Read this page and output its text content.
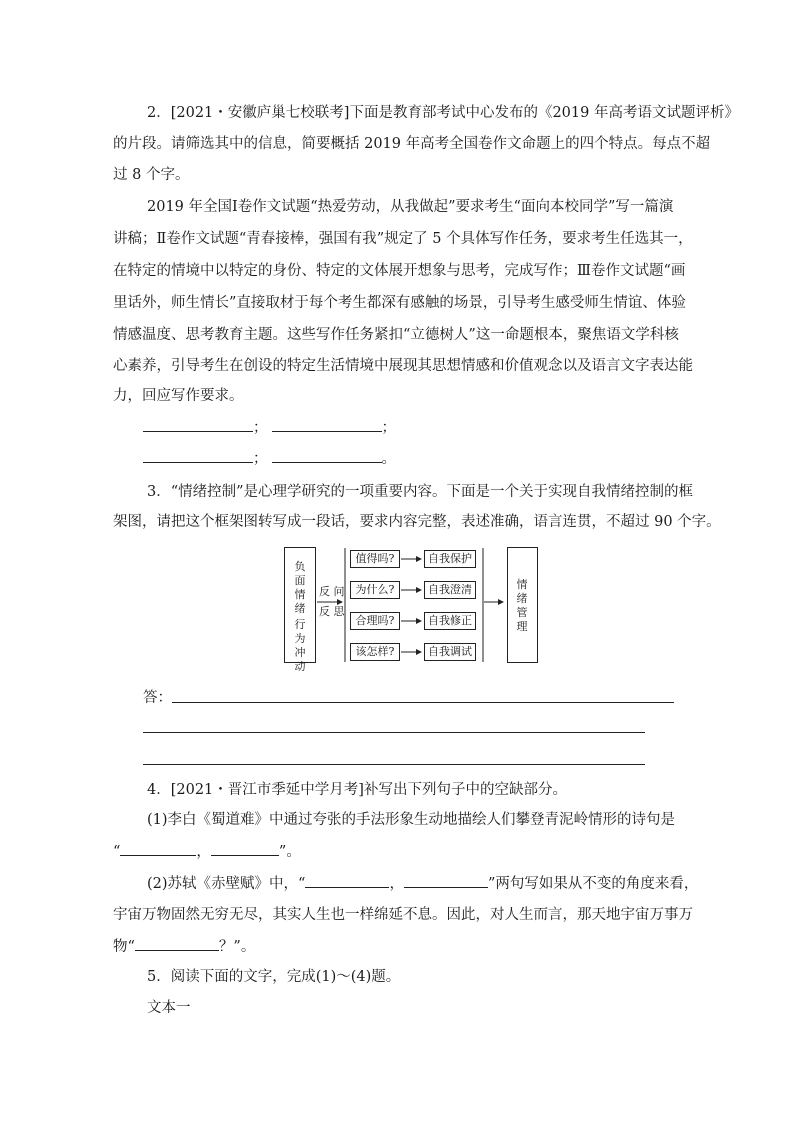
2．[2021・安徽庐巢七校联考]下面是教育部考试中心发布的《2019 年高考语文试题评析》
的片段。请筛选其中的信息，简要概括 2019 年高考全国卷作文命题上的四个特点。每点不超
过 8 个字。
2019 年全国Ⅰ卷作文试题“热爱劳动，从我做起”要求考生“面向本校同学”写一篇演
讲稿；Ⅱ卷作文试题“青春接棒，强国有我”规定了 5 个具体写作任务，要求考生任选其一，
在特定的情境中以特定的身份、特定的文体展开想象与思考，完成写作；Ⅲ卷作文试题“画
里话外，师生情长”直接取材于每个考生都深有感触的场景，引导考生感受师生情谊、体验
情感温度、思考教育主题。这些写作任务紧扣“立德树人”这一命题根本，聚焦语文学科核
心素养，引导考生在创设的特定生活情境中展现其思想情感和价值观念以及语言文字表达能
力，回应写作要求。
；	；
；	。
3．“情绪控制”是心理学研究的一项重要内容。下面是一个关于实现自我情绪控制的框
架图，请把这个框架图转写成一段话，要求内容完整，表述准确，语言连贯，不超过 90 个字。
负面情绪
行为冲动
反 问
反 思
值得吗?
为什么?
合理吗?
该怎样?
自我保护
自我澄清
自我修正
自我调试
情绪管理
答：
4．[2021・晋江市季延中学月考]补写出下列句子中的空缺部分。
(1)李白《蜀道难》中通过夸张的手法形象生动地描绘人们攀登青泥岭情形的诗句是
“	，	”。
(2)苏轼《赤壁赋》中，“	，	”两句写如果从不变的角度来看，
宇宙万物固然无穷无尽，其实人生也一样绵延不息。因此，对人生而言，那天地宇宙万事万
物“	？”。
5．阅读下面的文字，完成(1)～(4)题。
文本一
